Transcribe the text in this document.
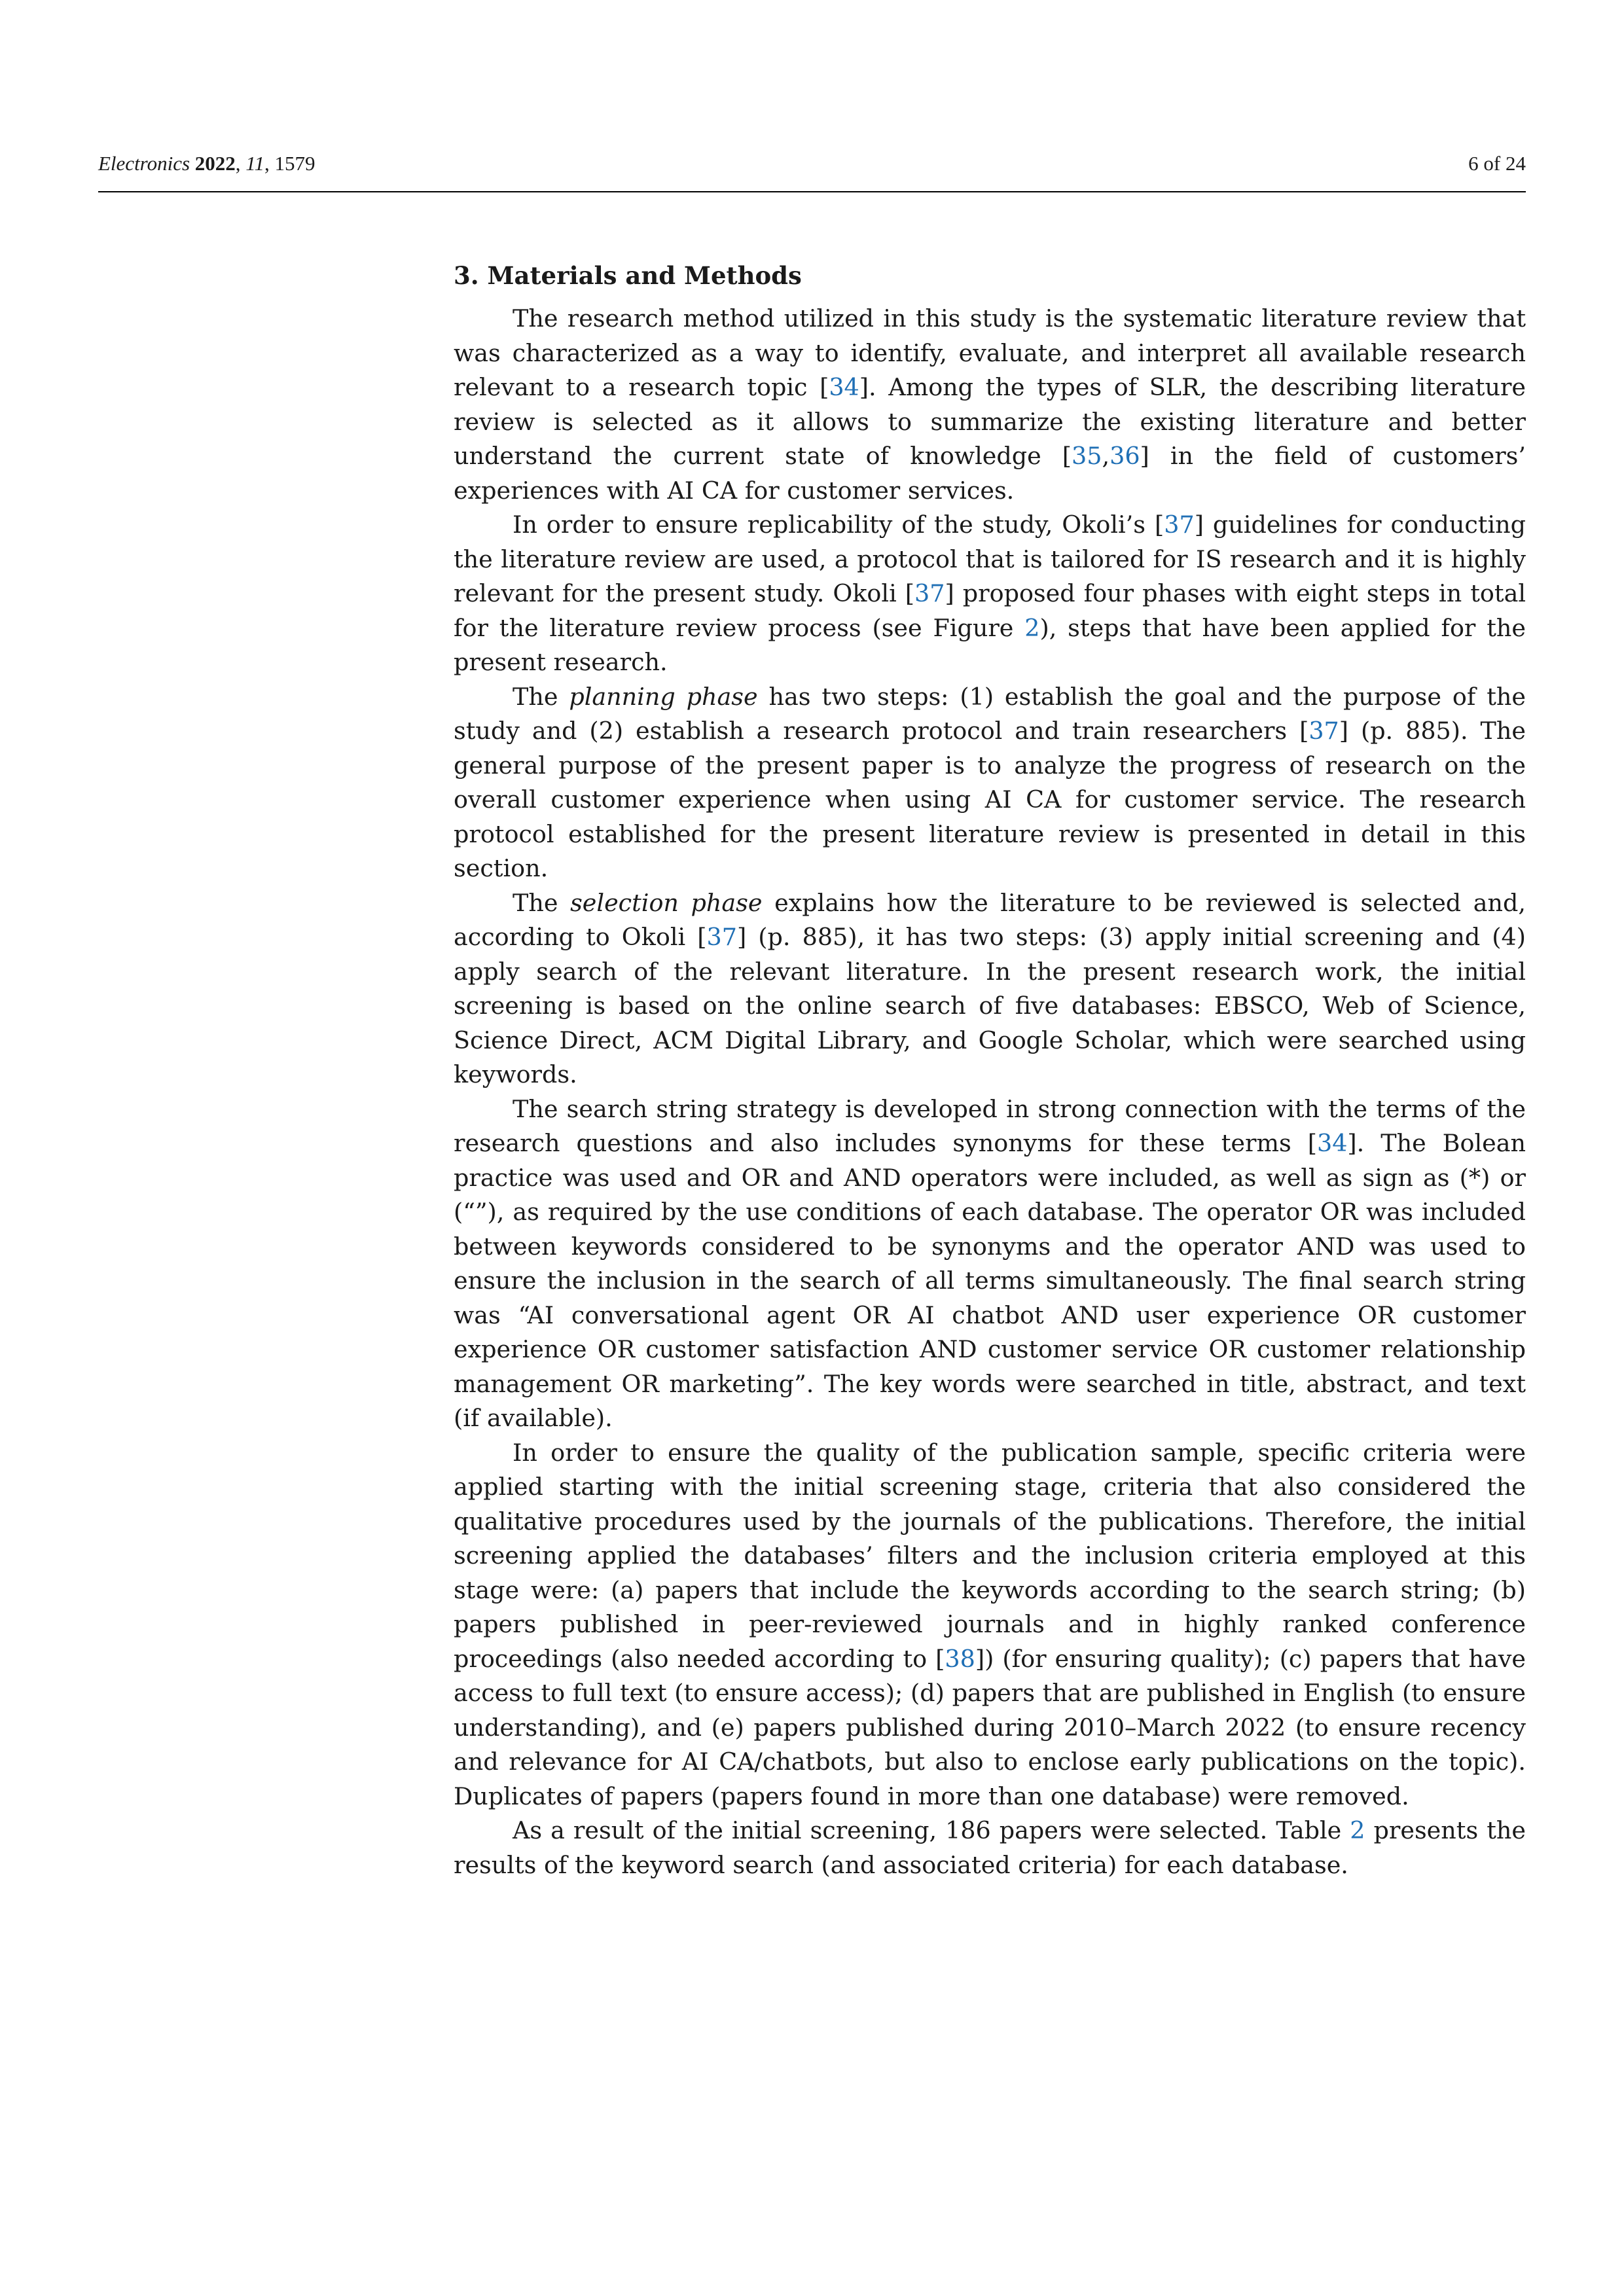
Electronics 2022, 11, 1579	6 of 24
3. Materials and Methods

The research method utilized in this study is the systematic literature review that was characterized as a way to identify, evaluate, and interpret all available research relevant to a research topic [34]. Among the types of SLR, the describing literature review is selected as it allows to summarize the existing literature and better understand the current state of knowledge [35,36] in the field of customers’ experiences with AI CA for customer services.

In order to ensure replicability of the study, Okoli’s [37] guidelines for conducting the literature review are used, a protocol that is tailored for IS research and it is highly relevant for the present study. Okoli [37] proposed four phases with eight steps in total for the literature review process (see Figure 2), steps that have been applied for the present research.

The planning phase has two steps: (1) establish the goal and the purpose of the study and (2) establish a research protocol and train researchers [37] (p. 885). The general purpose of the present paper is to analyze the progress of research on the overall customer experience when using AI CA for customer service. The research protocol established for the present literature review is presented in detail in this section.

The selection phase explains how the literature to be reviewed is selected and, according to Okoli [37] (p. 885), it has two steps: (3) apply initial screening and (4) apply search of the relevant literature. In the present research work, the initial screening is based on the online search of five databases: EBSCO, Web of Science, Science Direct, ACM Digital Library, and Google Scholar, which were searched using keywords.

The search string strategy is developed in strong connection with the terms of the research questions and also includes synonyms for these terms [34]. The Bolean practice was used and OR and AND operators were included, as well as sign as (*) or (“”), as required by the use conditions of each database. The operator OR was included between keywords considered to be synonyms and the operator AND was used to ensure the inclusion in the search of all terms simultaneously. The final search string was “AI conversational agent OR AI chatbot AND user experience OR customer experience OR customer satisfaction AND customer service OR customer relationship management OR marketing”. The key words were searched in title, abstract, and text (if available).

In order to ensure the quality of the publication sample, specific criteria were applied starting with the initial screening stage, criteria that also considered the qualitative procedures used by the journals of the publications. Therefore, the initial screening applied the databases’ filters and the inclusion criteria employed at this stage were: (a) papers that include the keywords according to the search string; (b) papers published in peer-reviewed journals and in highly ranked conference proceedings (also needed according to [38]) (for ensuring quality); (c) papers that have access to full text (to ensure access); (d) papers that are published in English (to ensure understanding), and (e) papers published during 2010–March 2022 (to ensure recency and relevance for AI CA/chatbots, but also to enclose early publications on the topic). Duplicates of papers (papers found in more than one database) were removed.

As a result of the initial screening, 186 papers were selected. Table 2 presents the results of the keyword search (and associated criteria) for each database.
